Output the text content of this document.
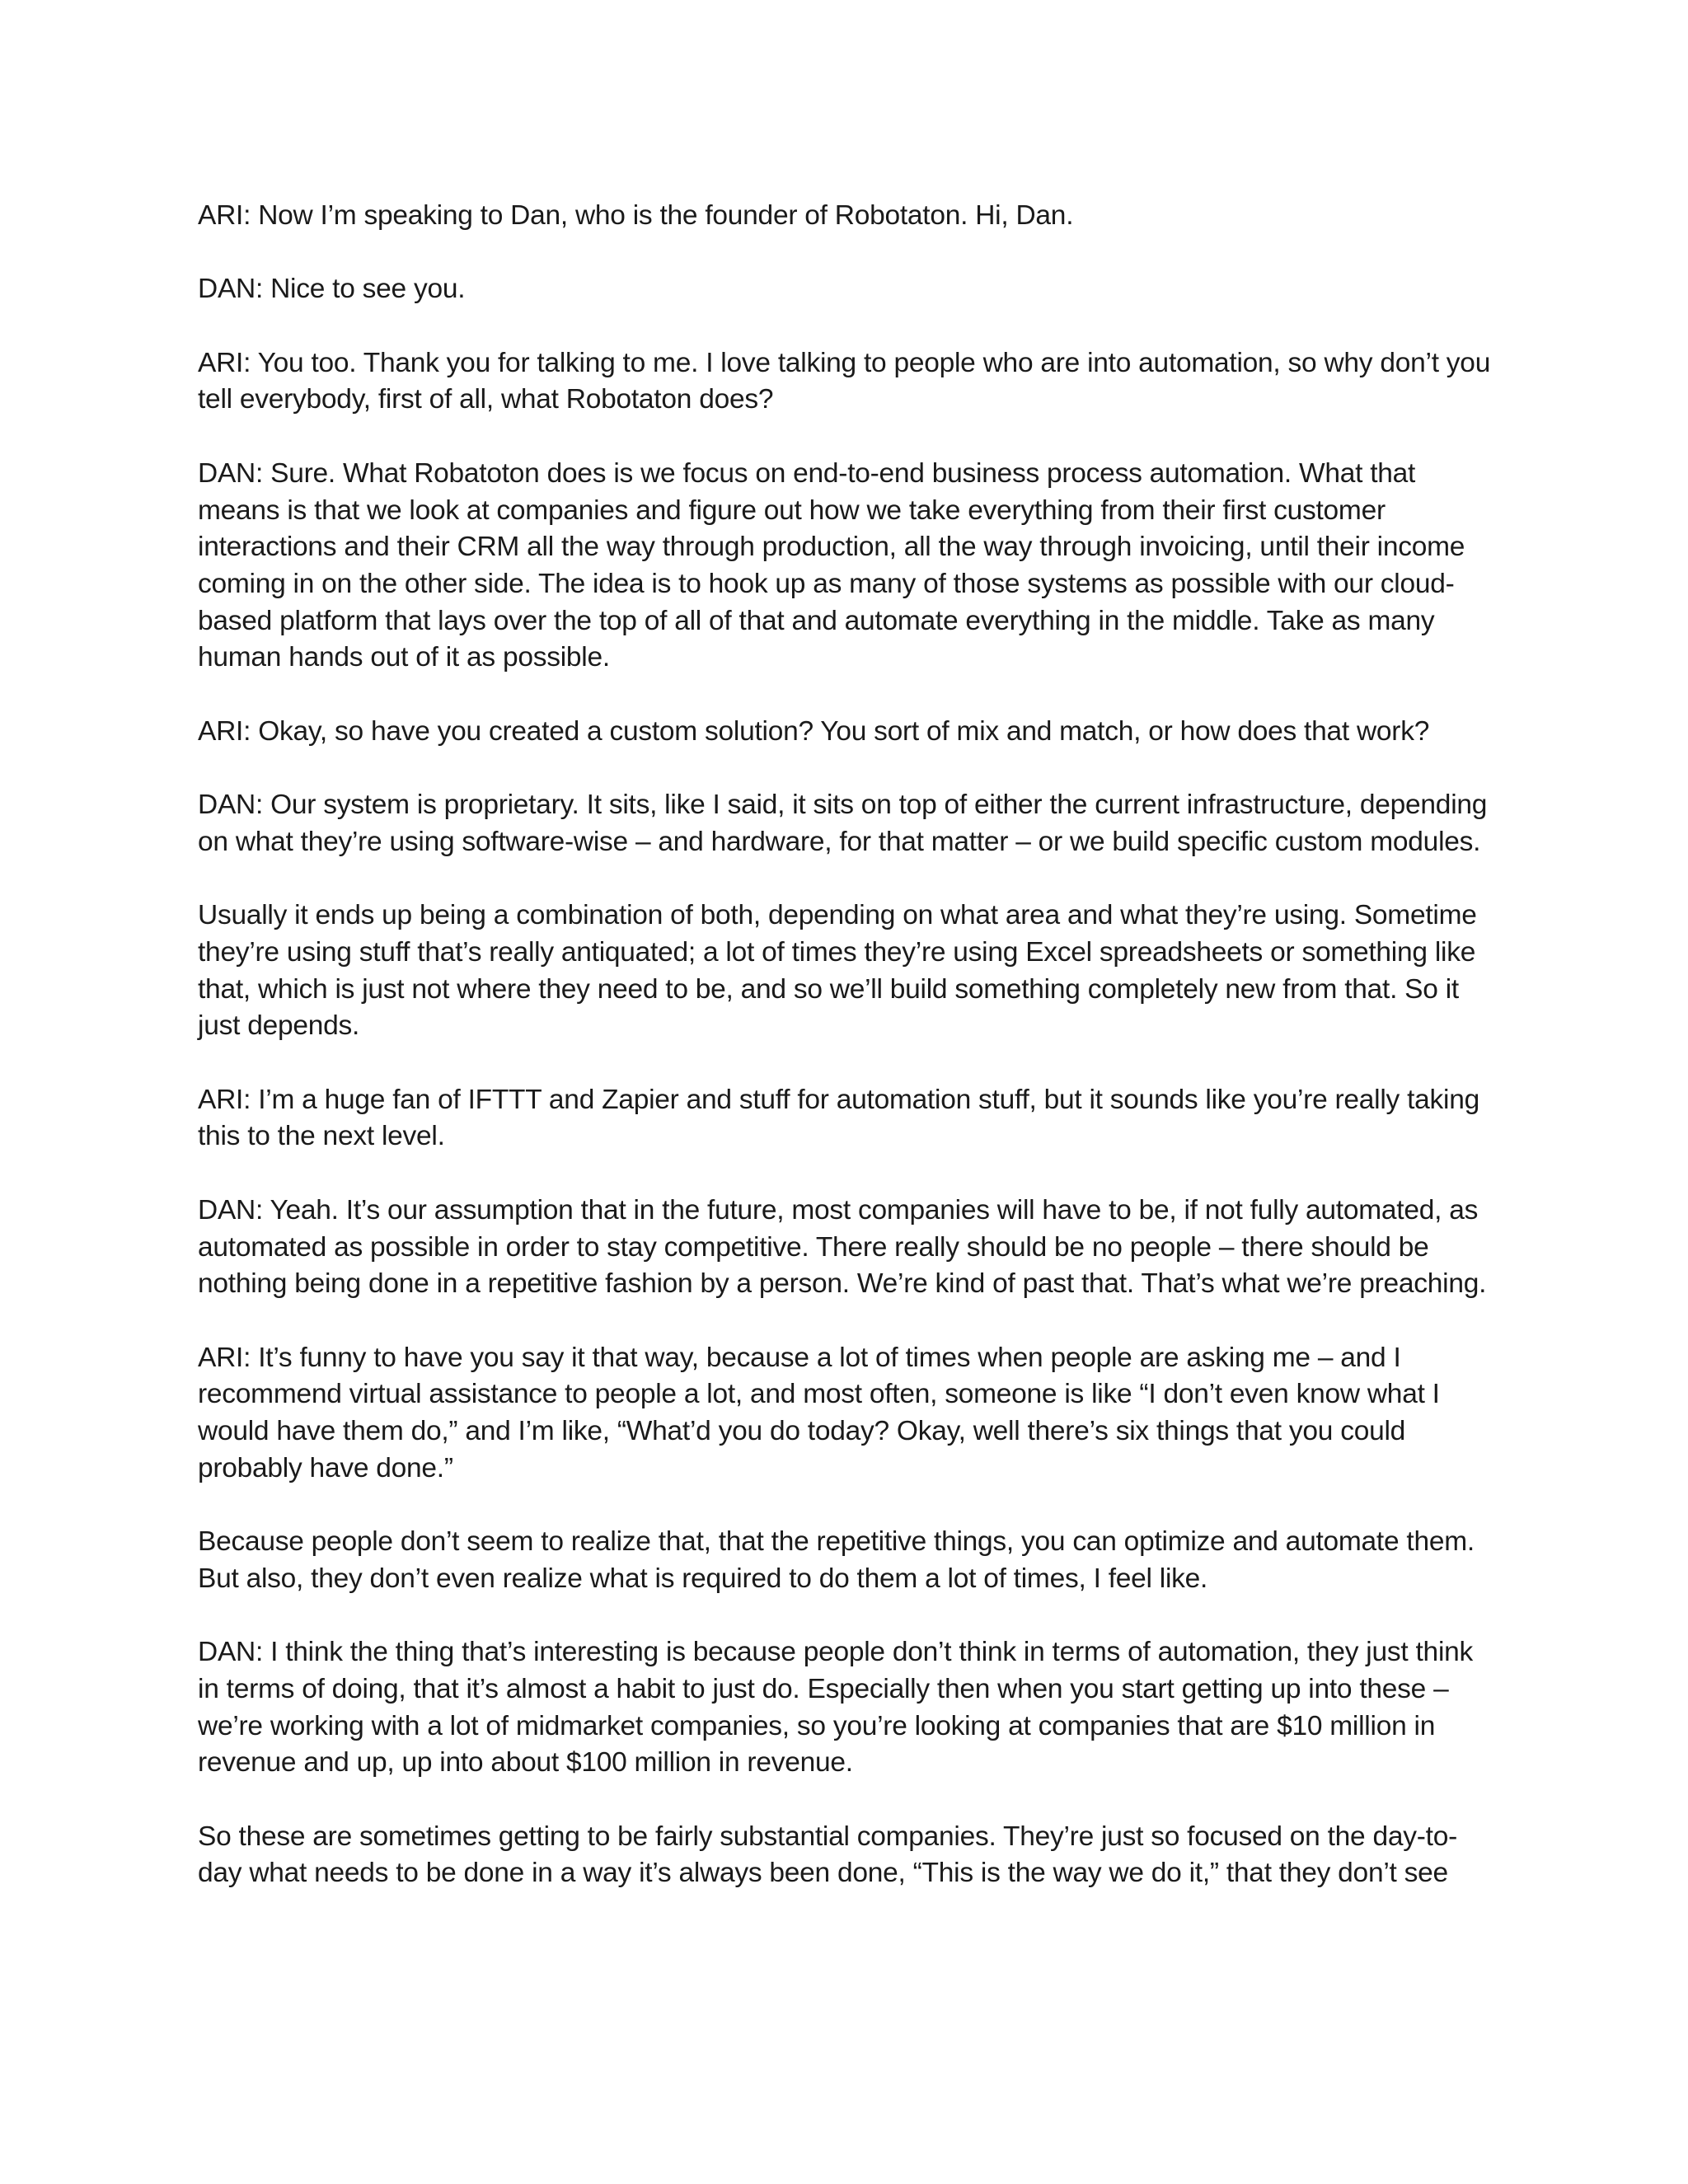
ARI: Now I’m speaking to Dan, who is the founder of Robotaton. Hi, Dan.

DAN: Nice to see you.

ARI: You too. Thank you for talking to me. I love talking to people who are into automation, so why don’t you tell everybody, first of all, what Robotaton does?

DAN: Sure. What Robatoton does is we focus on end-to-end business process automation. What that means is that we look at companies and figure out how we take everything from their first customer interactions and their CRM all the way through production, all the way through invoicing, until their income coming in on the other side. The idea is to hook up as many of those systems as possible with our cloud-based platform that lays over the top of all of that and automate everything in the middle. Take as many human hands out of it as possible.

ARI: Okay, so have you created a custom solution? You sort of mix and match, or how does that work?

DAN: Our system is proprietary. It sits, like I said, it sits on top of either the current infrastructure, depending on what they’re using software-wise – and hardware, for that matter – or we build specific custom modules.

Usually it ends up being a combination of both, depending on what area and what they’re using. Sometime they’re using stuff that’s really antiquated; a lot of times they’re using Excel spreadsheets or something like that, which is just not where they need to be, and so we’ll build something completely new from that. So it just depends.

ARI: I’m a huge fan of IFTTT and Zapier and stuff for automation stuff, but it sounds like you’re really taking this to the next level.

DAN: Yeah. It’s our assumption that in the future, most companies will have to be, if not fully automated, as automated as possible in order to stay competitive. There really should be no people – there should be nothing being done in a repetitive fashion by a person. We’re kind of past that. That’s what we’re preaching.

ARI: It’s funny to have you say it that way, because a lot of times when people are asking me – and I recommend virtual assistance to people a lot, and most often, someone is like “I don’t even know what I would have them do,” and I’m like, “What’d you do today? Okay, well there’s six things that you could probably have done.”

Because people don’t seem to realize that, that the repetitive things, you can optimize and automate them. But also, they don’t even realize what is required to do them a lot of times, I feel like.

DAN: I think the thing that’s interesting is because people don’t think in terms of automation, they just think in terms of doing, that it’s almost a habit to just do. Especially then when you start getting up into these – we’re working with a lot of midmarket companies, so you’re looking at companies that are $10 million in revenue and up, up into about $100 million in revenue.

So these are sometimes getting to be fairly substantial companies. They’re just so focused on the day-to-day what needs to be done in a way it’s always been done, “This is the way we do it,” that they don’t see
